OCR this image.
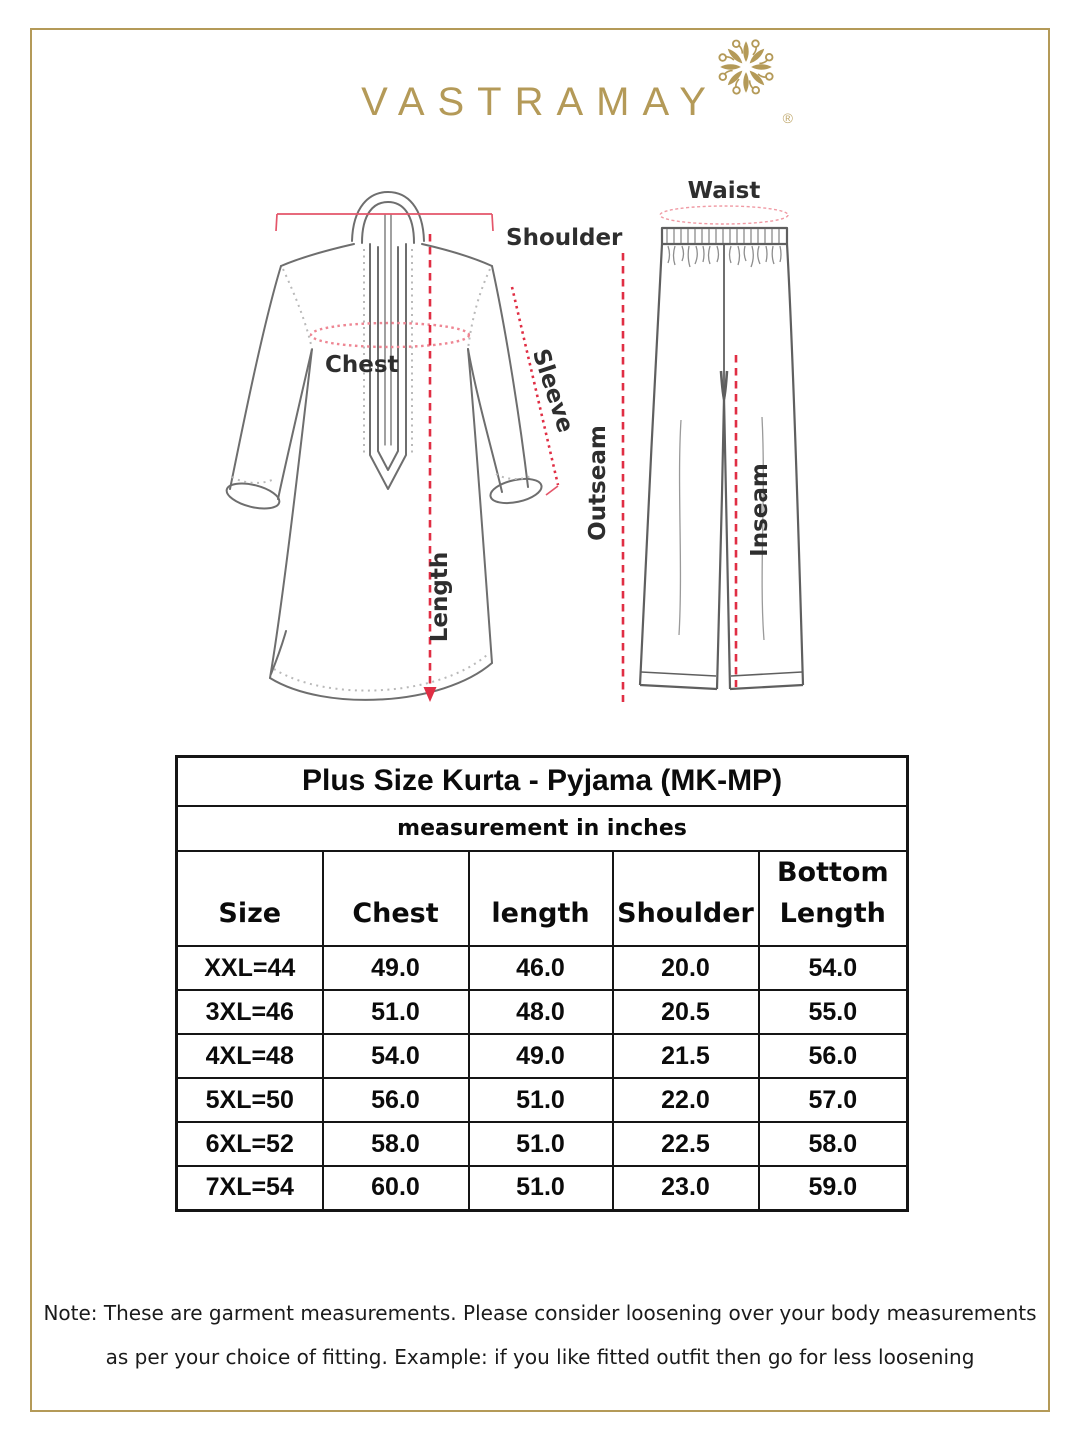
VASTRAMAY	®
Shoulder
Chest	Sleeve
Length
Waist
Outseam	Inseam
Plus Size Kurta - Pyjama (MK-MP)				
measurement in inches				
Size	Chest	length	Shoulder	Bottom Length
XXL=44	49.0	46.0	20.0	54.0
3XL=46	51.0	48.0	20.5	55.0
4XL=48	54.0	49.0	21.5	56.0
5XL=50	56.0	51.0	22.0	57.0
6XL=52	58.0	51.0	22.5	58.0
7XL=54	60.0	51.0	23.0	59.0
Note: These are garment measurements. Please consider loosening over your body measurements
as per your choice of fitting. Example: if you like fitted outfit then go for less loosening
